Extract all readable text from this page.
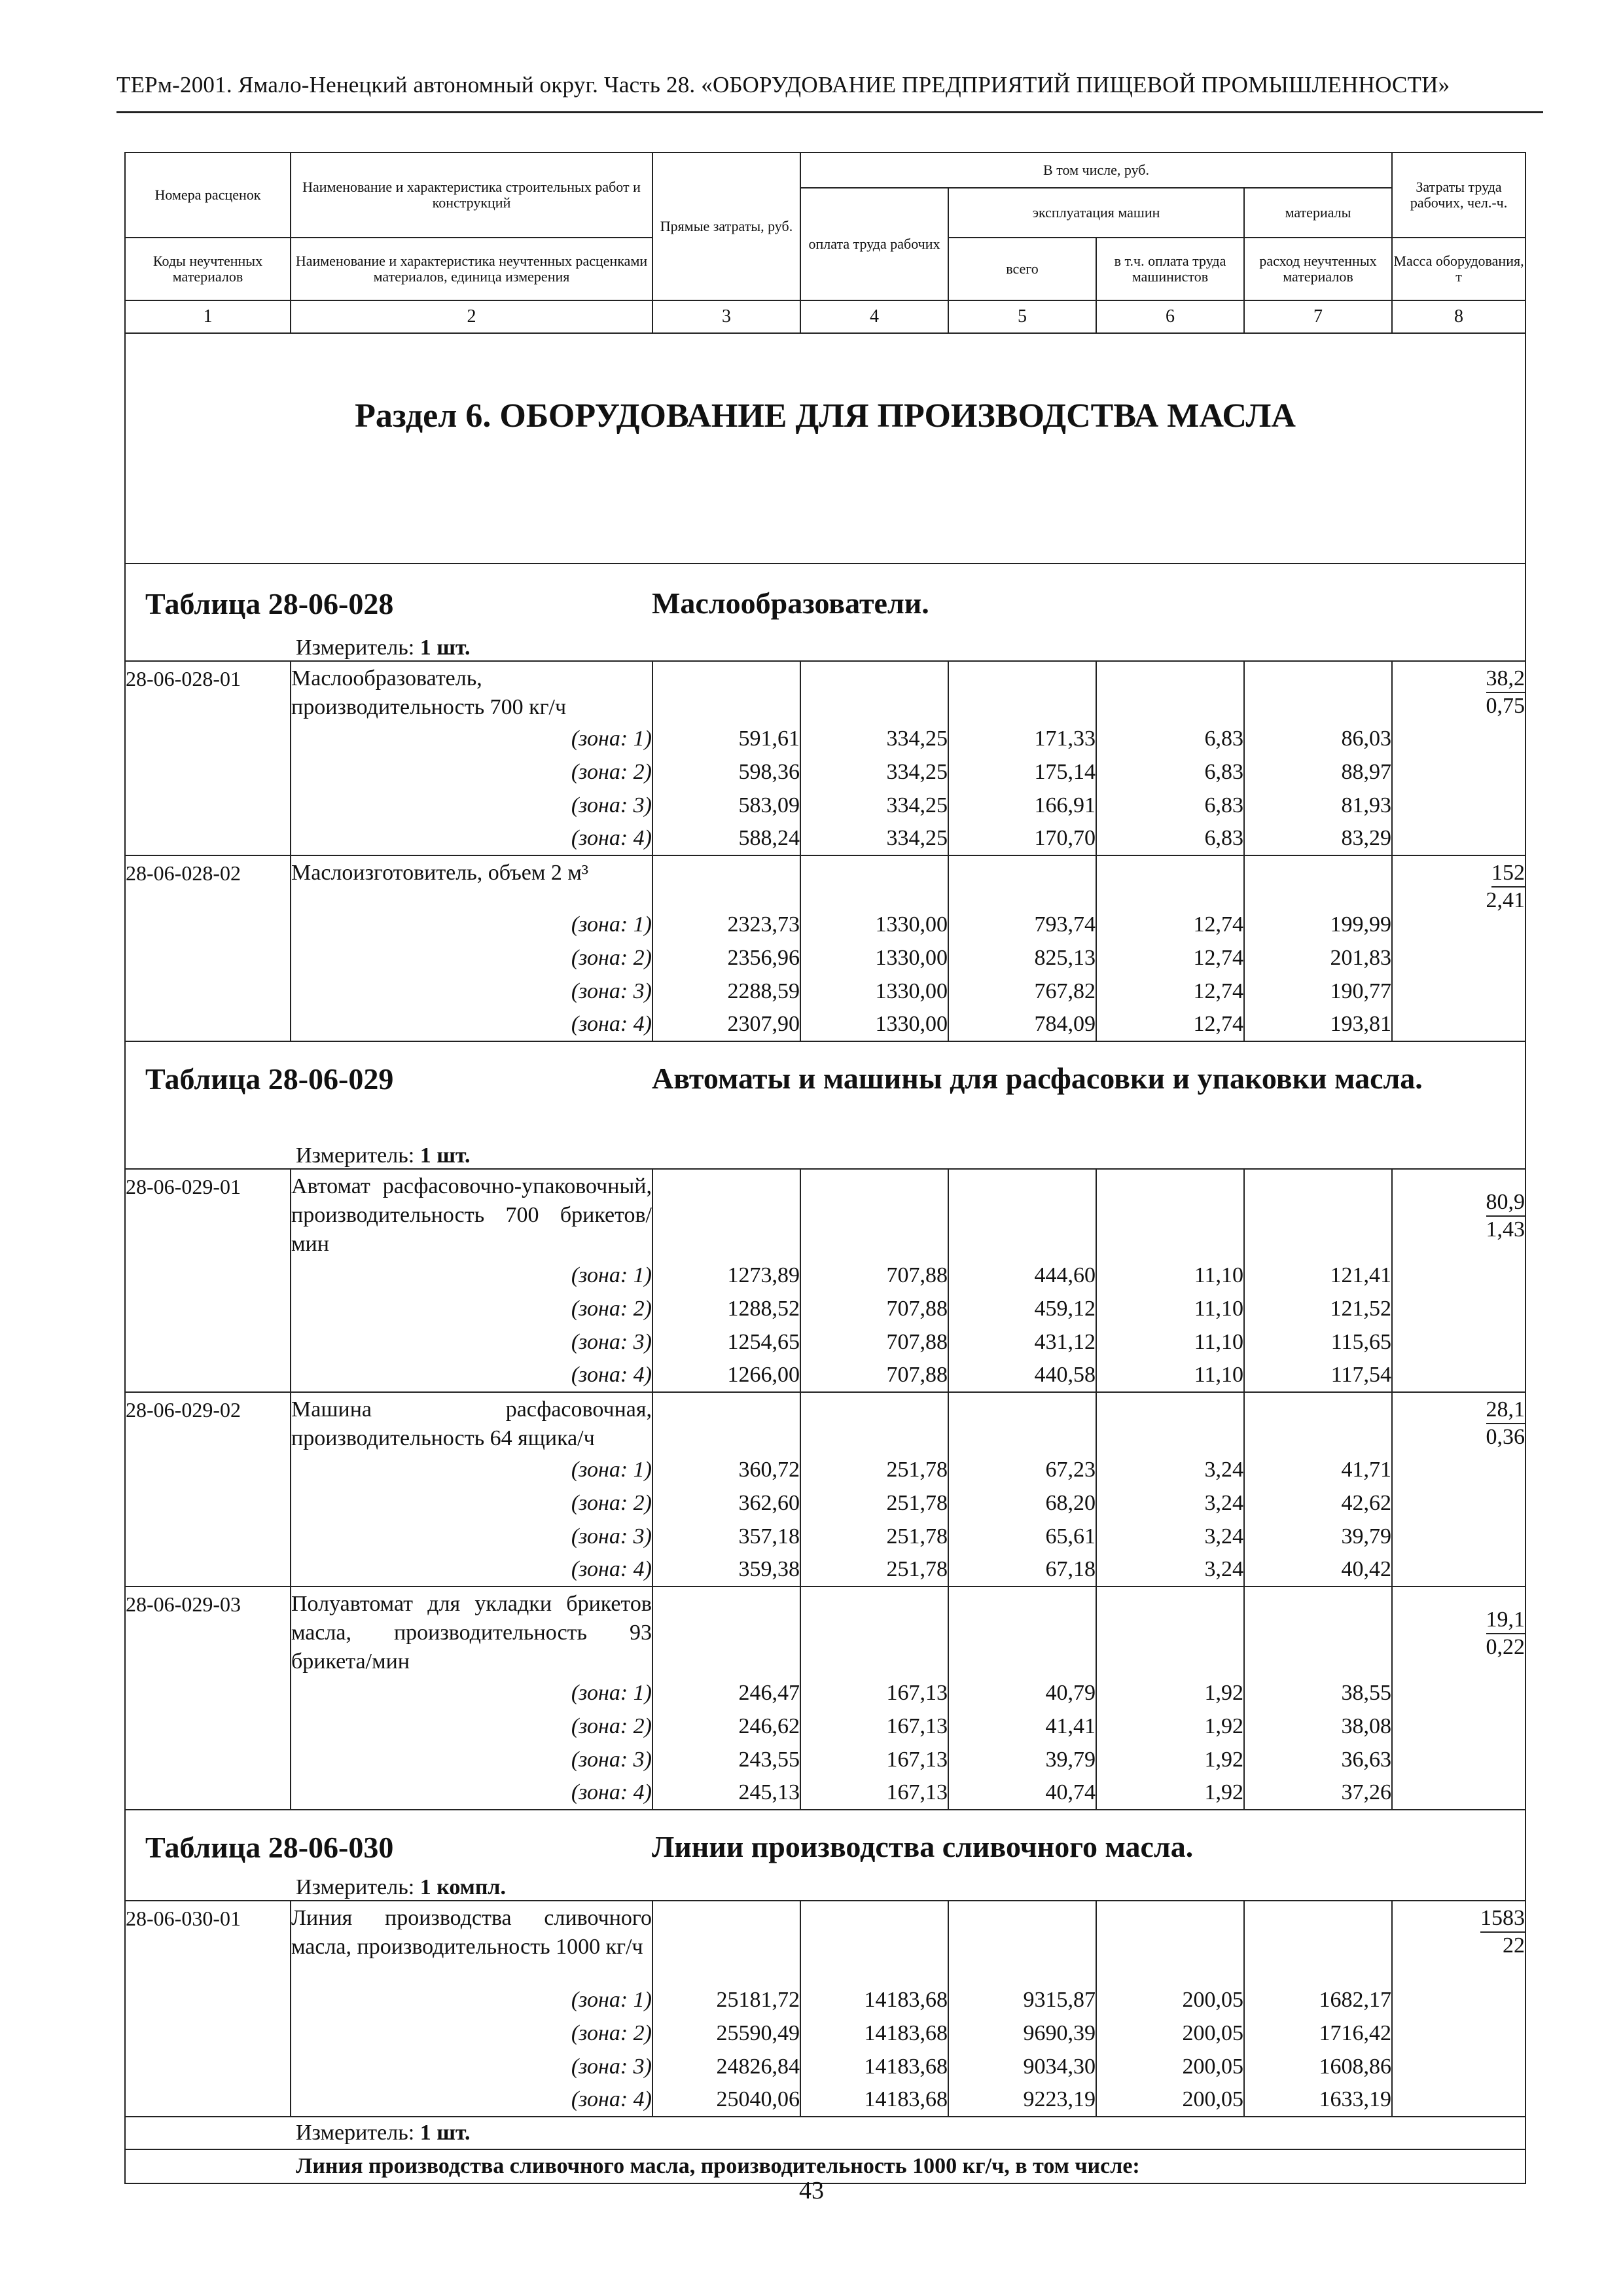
ТЕРм-2001. Ямало-Ненецкий автономный округ. Часть 28. «ОБОРУДОВАНИЕ ПРЕДПРИЯТИЙ ПИЩЕВОЙ ПРОМЫШЛЕННОСТИ»
Номера расценок	Наименование и характеристика строительных работ и конструкций	Прямые затраты, руб.	В том числе, руб.				Затраты труда рабочих, чел.-ч.
			оплата труда рабочих	эксплуатация машин		материалы	
Коды неучтенных материалов	Наименование и характеристика неучтенных расценками материалов, единица измерения			всего	в т.ч. оплата труда машинистов	расход неучтенных материалов	Масса оборудования, т
1	2	3	4	5	6	7	8

Раздел 6. ОБОРУДОВАНИЕ ДЛЯ ПРОИЗВОДСТВА МАСЛА							

Таблица 28-06-028 Маслообразователи.							

	Измеритель: 1 шт.						
28-06-028-01	Маслообразователь, производительность 700 кг/ч						38,2
0,75
	(зона: 1)	591,61	334,25	171,33	6,83	86,03	
	(зона: 2)	598,36	334,25	175,14	6,83	88,97	
	(зона: 3)	583,09	334,25	166,91	6,83	81,93	
	(зона: 4)	588,24	334,25	170,70	6,83	83,29	
28-06-028-02	Маслоизготовитель, объем 2 м³						152
2,41
	(зона: 1)	2323,73	1330,00	793,74	12,74	199,99	
	(зона: 2)	2356,96	1330,00	825,13	12,74	201,83	
	(зона: 3)	2288,59	1330,00	767,82	12,74	190,77	
	(зона: 4)	2307,90	1330,00	784,09	12,74	193,81	

Таблица 28-06-029 Автоматы и машины для расфасовки и упаковки масла.							

	Измеритель: 1 шт.						
28-06-029-01	Автомат расфасовочно-упаковочный, производительность 700 брикетов/мин						80,9
1,43
	(зона: 1)	1273,89	707,88	444,60	11,10	121,41	
	(зона: 2)	1288,52	707,88	459,12	11,10	121,52	
	(зона: 3)	1254,65	707,88	431,12	11,10	115,65	
	(зона: 4)	1266,00	707,88	440,58	11,10	117,54	
28-06-029-02	Машина расфасовочная, производительность 64 ящика/ч						28,1
0,36
	(зона: 1)	360,72	251,78	67,23	3,24	41,71	
	(зона: 2)	362,60	251,78	68,20	3,24	42,62	
	(зона: 3)	357,18	251,78	65,61	3,24	39,79	
	(зона: 4)	359,38	251,78	67,18	3,24	40,42	
28-06-029-03	Полуавтомат для укладки брикетов масла, производительность 93 брикета/мин						19,1
0,22
	(зона: 1)	246,47	167,13	40,79	1,92	38,55	
	(зона: 2)	246,62	167,13	41,41	1,92	38,08	
	(зона: 3)	243,55	167,13	39,79	1,92	36,63	
	(зона: 4)	245,13	167,13	40,74	1,92	37,26	

Таблица 28-06-030 Линии производства сливочного масла.							

	Измеритель: 1 компл.						
28-06-030-01	Линия производства сливочного масла, производительность 1000 кг/ч						1583
22
	(зона: 1)	25181,72	14183,68	9315,87	200,05	1682,17	
	(зона: 2)	25590,49	14183,68	9690,39	200,05	1716,42	
	(зона: 3)	24826,84	14183,68	9034,30	200,05	1608,86	
	(зона: 4)	25040,06	14183,68	9223,19	200,05	1633,19	
	Измеритель: 1 шт.						
	Линия производства сливочного масла, производительность 1000 кг/ч, в том числе:						
43
